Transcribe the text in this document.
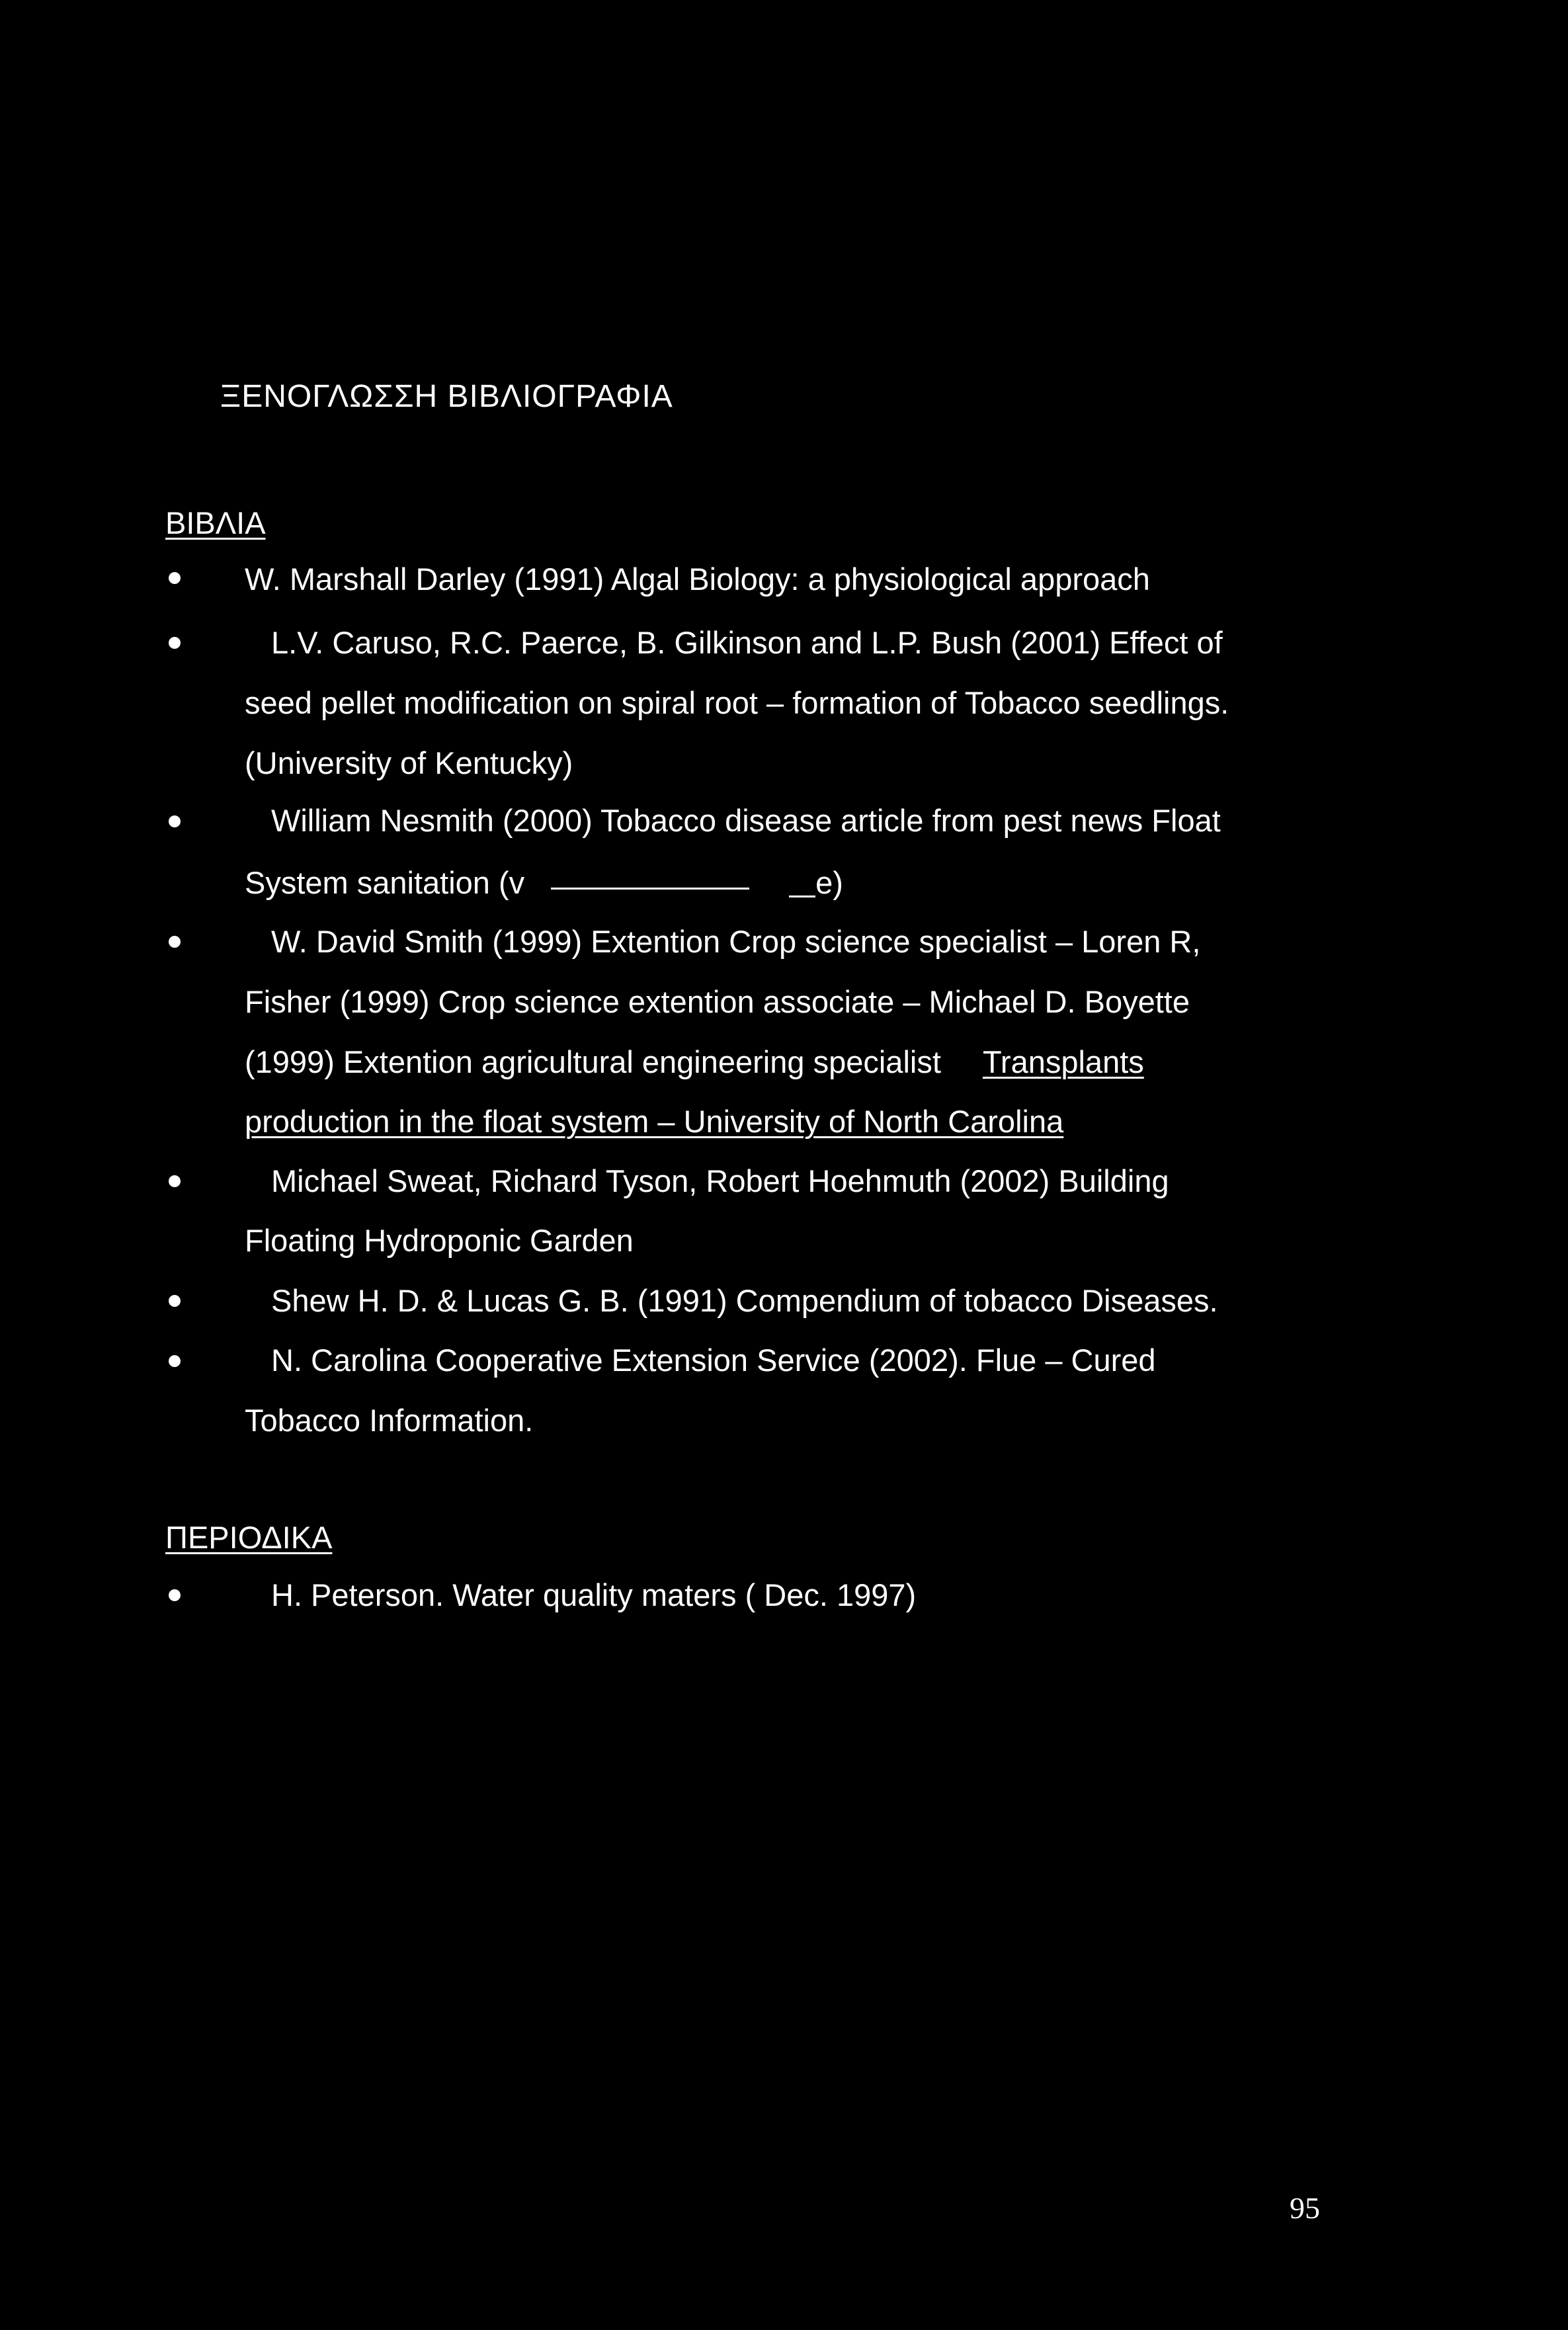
ΞΕΝΟΓΛΩΣΣΗ ΒΙΒΛΙΟΓΡΑΦΙΑ
ΒΙΒΛΙΑ
W. Marshall Darley (1991) Algal Biology: a physiological approach
L.V. Caruso, R.C. Paerce, B. Gilkinson and L.P. Bush (2001) Effect of
seed pellet modification on spiral root – formation of Tobacco seedlings.
(University of Kentucky)
William Nesmith (2000) Tobacco disease article from pest news Float
System sanitation (v	e)
W. David Smith (1999) Extention Crop science specialist – Loren R,
Fisher (1999) Crop science extention associate – Michael D. Boyette
(1999) Extention agricultural engineering specialist Transplants
production in the float system – University of North Carolina
Michael Sweat, Richard Tyson, Robert Hoehmuth (2002) Building
Floating Hydroponic Garden
Shew H. D. & Lucas G. B. (1991) Compendium of tobacco Diseases.
N. Carolina Cooperative Extension Service (2002). Flue – Cured
Tobacco Information.
ΠΕΡΙΟΔΙΚΑ
H. Peterson. Water quality maters ( Dec. 1997)
95
